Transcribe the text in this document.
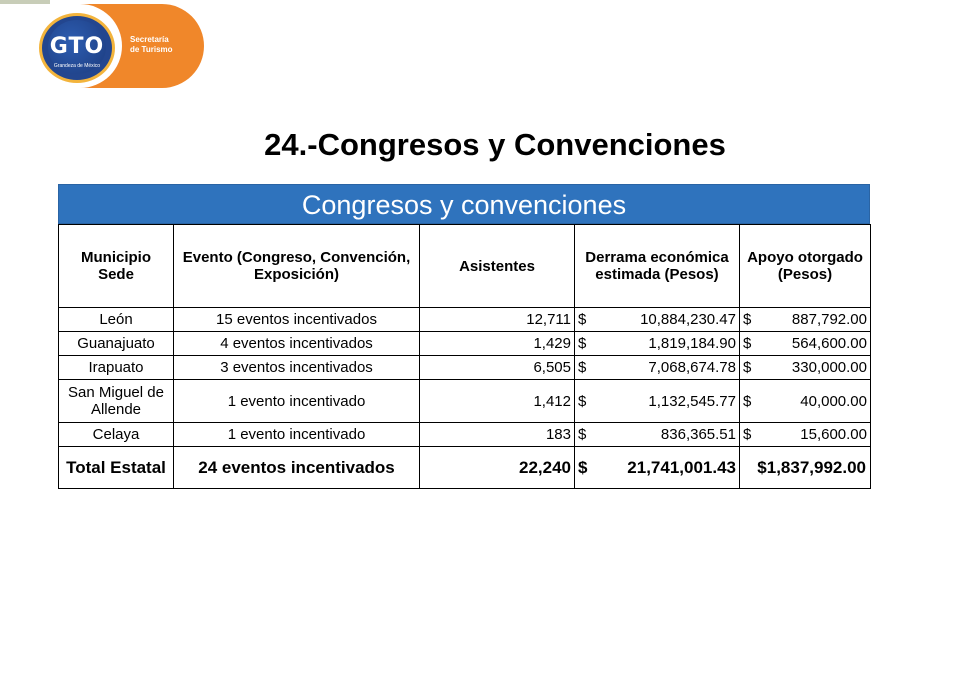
GTO
Grandeza de México
Secretaría
de Turismo
24.-Congresos y Convenciones
Congresos y convenciones
Municipio Sede	Evento (Congreso, Convención, Exposición)	Asistentes	Derrama económica estimada (Pesos)	Apoyo otorgado (Pesos)
León	15 eventos incentivados	12,711	$ 10,884,230.47	$ 887,792.00

Guanajuato	4 eventos incentivados	1,429	$ 1,819,184.90	$ 564,600.00

Irapuato	3 eventos incentivados	6,505	$ 7,068,674.78	$ 330,000.00

San Miguel de Allende	1 evento incentivado	1,412	$ 1,132,545.77	$ 40,000.00

Celaya	1 evento incentivado	183	$ 836,365.51	$ 15,600.00

Total Estatal	24 eventos incentivados	22,240	$ 21,741,001.43	$1,837,992.00
